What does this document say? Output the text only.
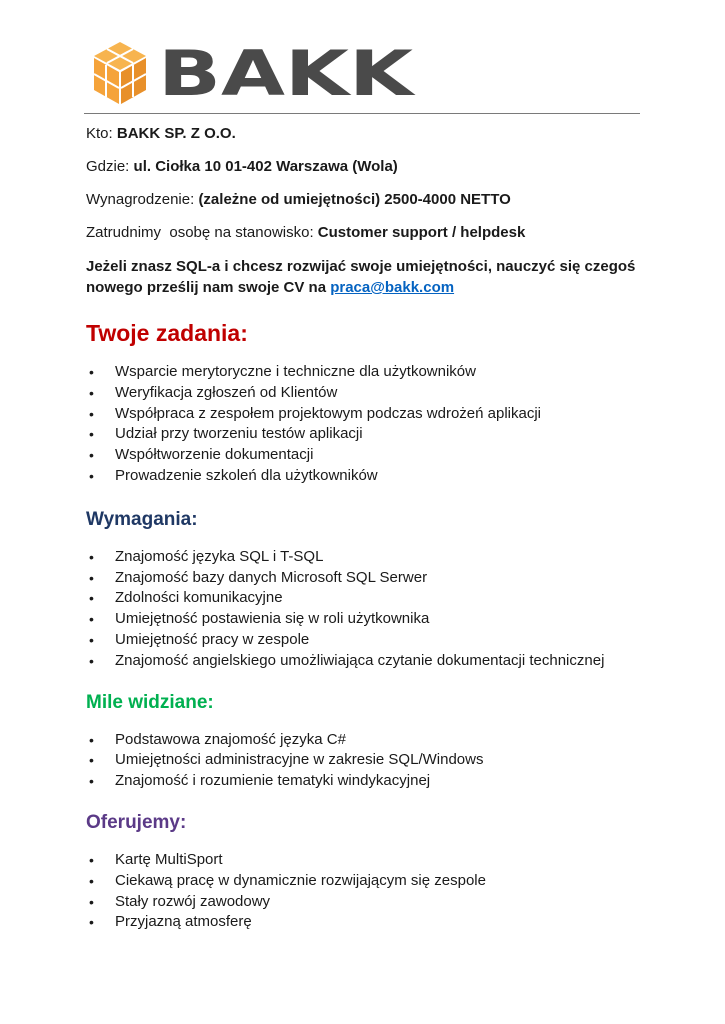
BAKK

Kto: BAKK SP. Z O.O.

Gdzie: ul. Ciołka 10 01-402 Warszawa (Wola)

Wynagrodzenie: (zależne od umiejętności) 2500-4000 NETTO

Zatrudnimy  osobę na stanowisko: Customer support / helpdesk

Jeżeli znasz SQL-a i chcesz rozwijać swoje umiejętności, nauczyć się czegoś nowego prześlij nam swoje CV na praca@bakk.com

Twoje zadania:
• Wsparcie merytoryczne i techniczne dla użytkowników
• Weryfikacja zgłoszeń od Klientów
• Współpraca z zespołem projektowym podczas wdrożeń aplikacji
• Udział przy tworzeniu testów aplikacji
• Współtworzenie dokumentacji
• Prowadzenie szkoleń dla użytkowników
Wymagania:
• Znajomość języka SQL i T-SQL
• Znajomość bazy danych Microsoft SQL Serwer
• Zdolności komunikacyjne
• Umiejętność postawienia się w roli użytkownika
• Umiejętność pracy w zespole
• Znajomość angielskiego umożliwiająca czytanie dokumentacji technicznej
Mile widziane:
• Podstawowa znajomość języka C#
• Umiejętności administracyjne w zakresie SQL/Windows
• Znajomość i rozumienie tematyki windykacyjnej
Oferujemy:
• Kartę MultiSport
• Ciekawą pracę w dynamicznie rozwijającym się zespole
• Stały rozwój zawodowy
• Przyjazną atmosferę
